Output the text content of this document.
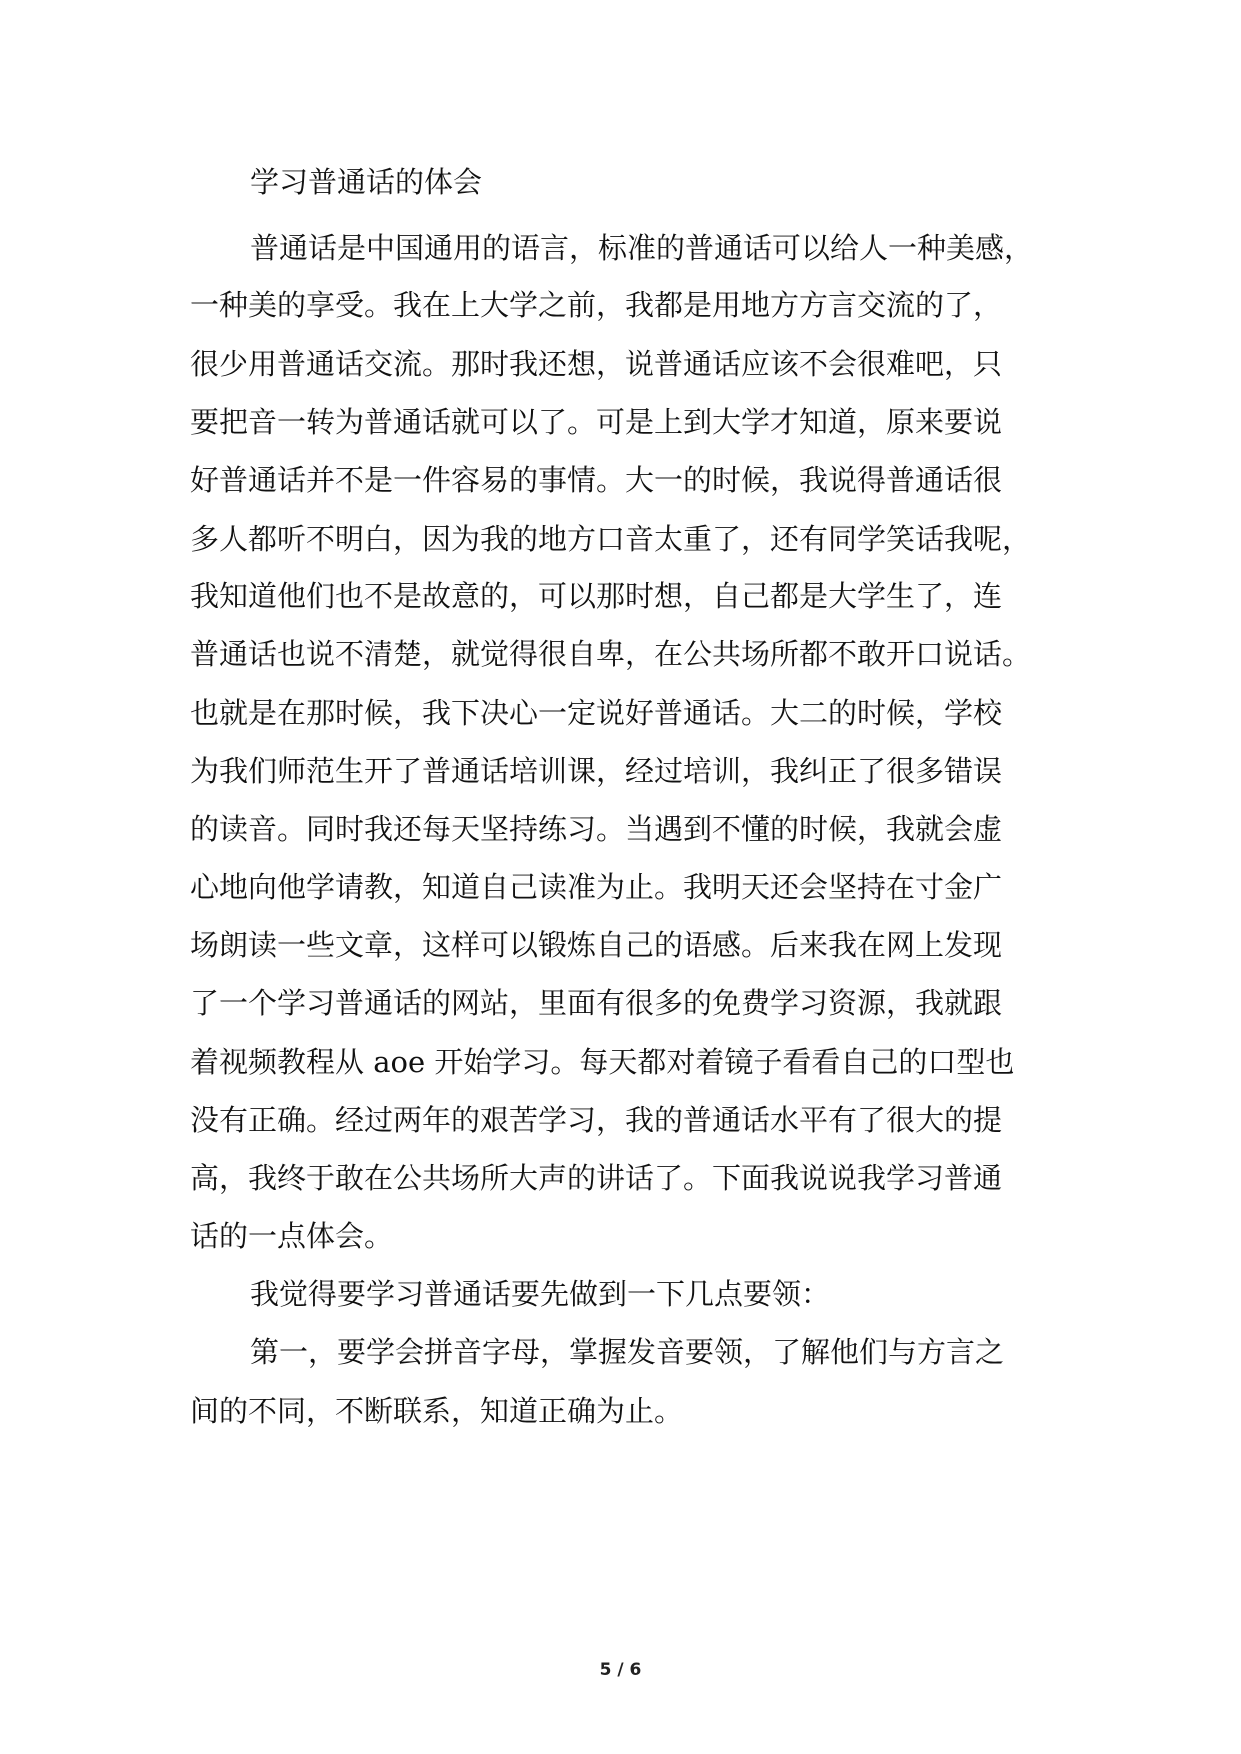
学习普通话的体会
普通话是中国通用的语言，标准的普通话可以给人一种美感，
一种美的享受。我在上大学之前，我都是用地方方言交流的了，
很少用普通话交流。那时我还想，说普通话应该不会很难吧，只
要把音一转为普通话就可以了。可是上到大学才知道，原来要说
好普通话并不是一件容易的事情。大一的时候，我说得普通话很
多人都听不明白，因为我的地方口音太重了，还有同学笑话我呢，
我知道他们也不是故意的，可以那时想，自己都是大学生了，连
普通话也说不清楚，就觉得很自卑，在公共场所都不敢开口说话。
也就是在那时候，我下决心一定说好普通话。大二的时候，学校
为我们师范生开了普通话培训课，经过培训，我纠正了很多错误
的读音。同时我还每天坚持练习。当遇到不懂的时候，我就会虚
心地向他学请教，知道自己读准为止。我明天还会坚持在寸金广
场朗读一些文章，这样可以锻炼自己的语感。后来我在网上发现
了一个学习普通话的网站，里面有很多的免费学习资源，我就跟
着视频教程从 aoe 开始学习。每天都对着镜子看看自己的口型也
没有正确。经过两年的艰苦学习，我的普通话水平有了很大的提
高，我终于敢在公共场所大声的讲话了。下面我说说我学习普通
话的一点体会。
我觉得要学习普通话要先做到一下几点要领：
第一，要学会拼音字母，掌握发音要领，了解他们与方言之
间的不同，不断联系，知道正确为止。
5 / 6
